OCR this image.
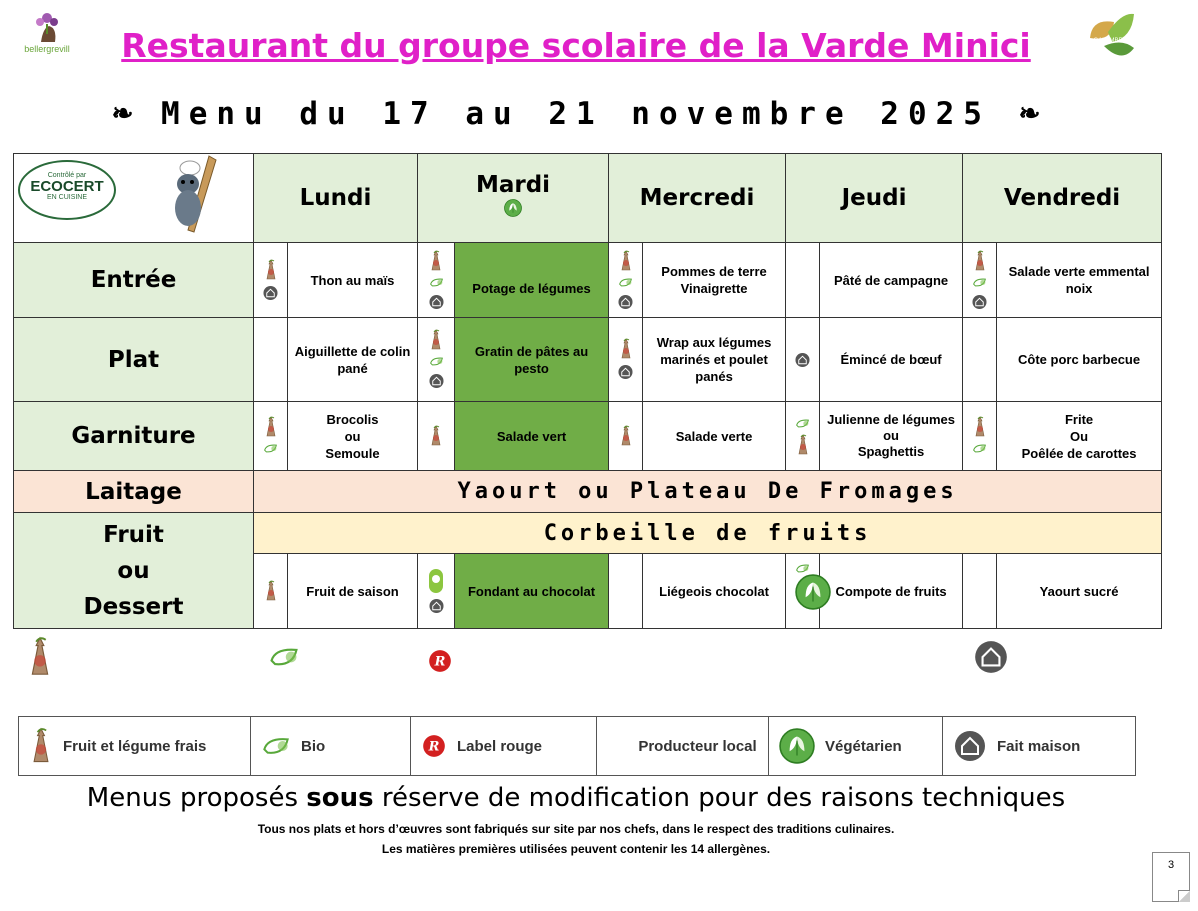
bellergrevill
GALAMBRAY
Restaurant du groupe scolaire de la Varde Minici
❧ Menu du 17 au 21 novembre 2025 ❧
Contrôlé par
ECOCERT
EN CUISINE	Lundi		Mardi		Mercredi		Jeudi		Vendredi	
Entrée		Thon au maïs		Potage de légumes		Pommes de terre Vinaigrette		Pâté de campagne		Salade verte emmental noix
Plat		Aiguillette de colin pané		Gratin de pâtes au pesto		Wrap aux légumes marinés et poulet panés		Émincé de bœuf		Côte porc barbecue
Garniture		Brocolis
ou
Semoule		Salade vert		Salade verte		Julienne de légumes
ou
Spaghettis		Frite
Ou
Poêlée de carottes
Laitage	Yaourt ou Plateau De Fromages									
Fruit
ou
Dessert	Corbeille de fruits									

	Fruit de saison		Fondant au chocolat		Liégeois chocolat		Compote de fruits		Yaourt sucré
Fruit et légume frais	Bio	Label rouge	Producteur local	Végétarien	Fait maison
Menus proposés sous réserve de modification pour des raisons techniques
Tous nos plats et hors d’œuvres sont fabriqués sur site par nos chefs, dans le respect des traditions culinaires.
Les matières premières utilisées peuvent contenir les 14 allergènes.
3
